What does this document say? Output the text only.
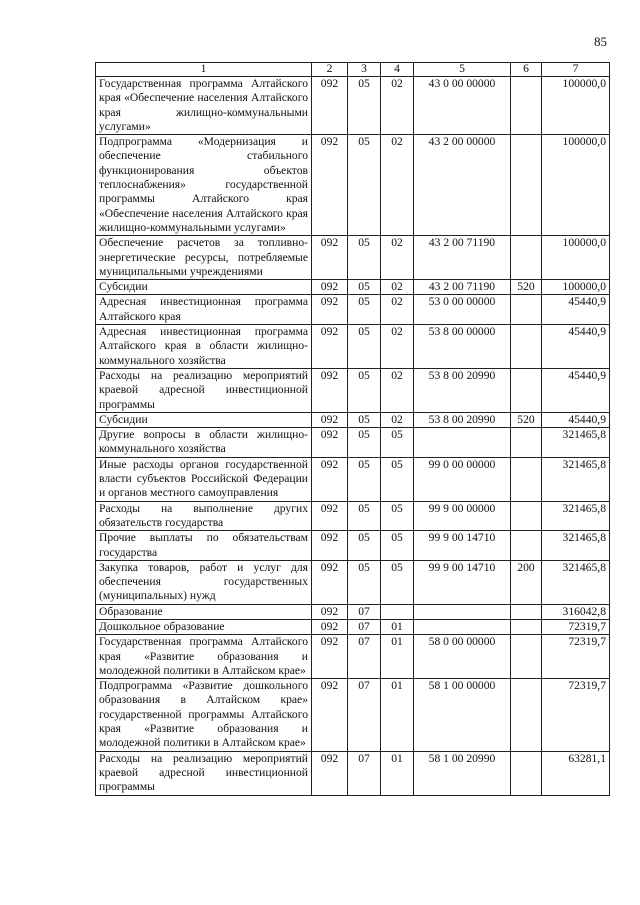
85
1	2	3	4	5	6	7
Государственная программа Алтайского края «Обеспечение населения Алтайского края жилищно-коммунальными услугами»	092	05	02	43 0 00 00000		100000,0
Подпрограмма «Модернизация и обеспечение стабильного функционирования объектов теплоснабжения» государственной программы Алтайского края «Обеспечение населения Алтайского края жилищно-коммунальными услугами»	092	05	02	43 2 00 00000		100000,0
Обеспечение расчетов за топливно-энергетические ресурсы, потребляемые муниципальными учреждениями	092	05	02	43 2 00 71190		100000,0
Субсидии	092	05	02	43 2 00 71190	520	100000,0
Адресная инвестиционная программа Алтайского края	092	05	02	53 0 00 00000		45440,9
Адресная инвестиционная программа Алтайского края в области жилищно-коммунального хозяйства	092	05	02	53 8 00 00000		45440,9
Расходы на реализацию мероприятий краевой адресной инвестиционной программы	092	05	02	53 8 00 20990		45440,9
Субсидии	092	05	02	53 8 00 20990	520	45440,9
Другие вопросы в области жилищно-коммунального хозяйства	092	05	05			321465,8
Иные расходы органов государственной власти субъектов Российской Федерации и органов местного самоуправления	092	05	05	99 0 00 00000		321465,8
Расходы на выполнение других обязательств государства	092	05	05	99 9 00 00000		321465,8
Прочие выплаты по обязательствам государства	092	05	05	99 9 00 14710		321465,8
Закупка товаров, работ и услуг для обеспечения государственных (муниципальных) нужд	092	05	05	99 9 00 14710	200	321465,8
Образование	092	07				316042,8
Дошкольное образование	092	07	01			72319,7
Государственная программа Алтайского края «Развитие образования и молодежной политики в Алтайском крае»	092	07	01	58 0 00 00000		72319,7
Подпрограмма «Развитие дошкольного образования в Алтайском крае» государственной программы Алтайского края «Развитие образования и молодежной политики в Алтайском крае»	092	07	01	58 1 00 00000		72319,7
Расходы на реализацию мероприятий краевой адресной инвестиционной программы	092	07	01	58 1 00 20990		63281,1
